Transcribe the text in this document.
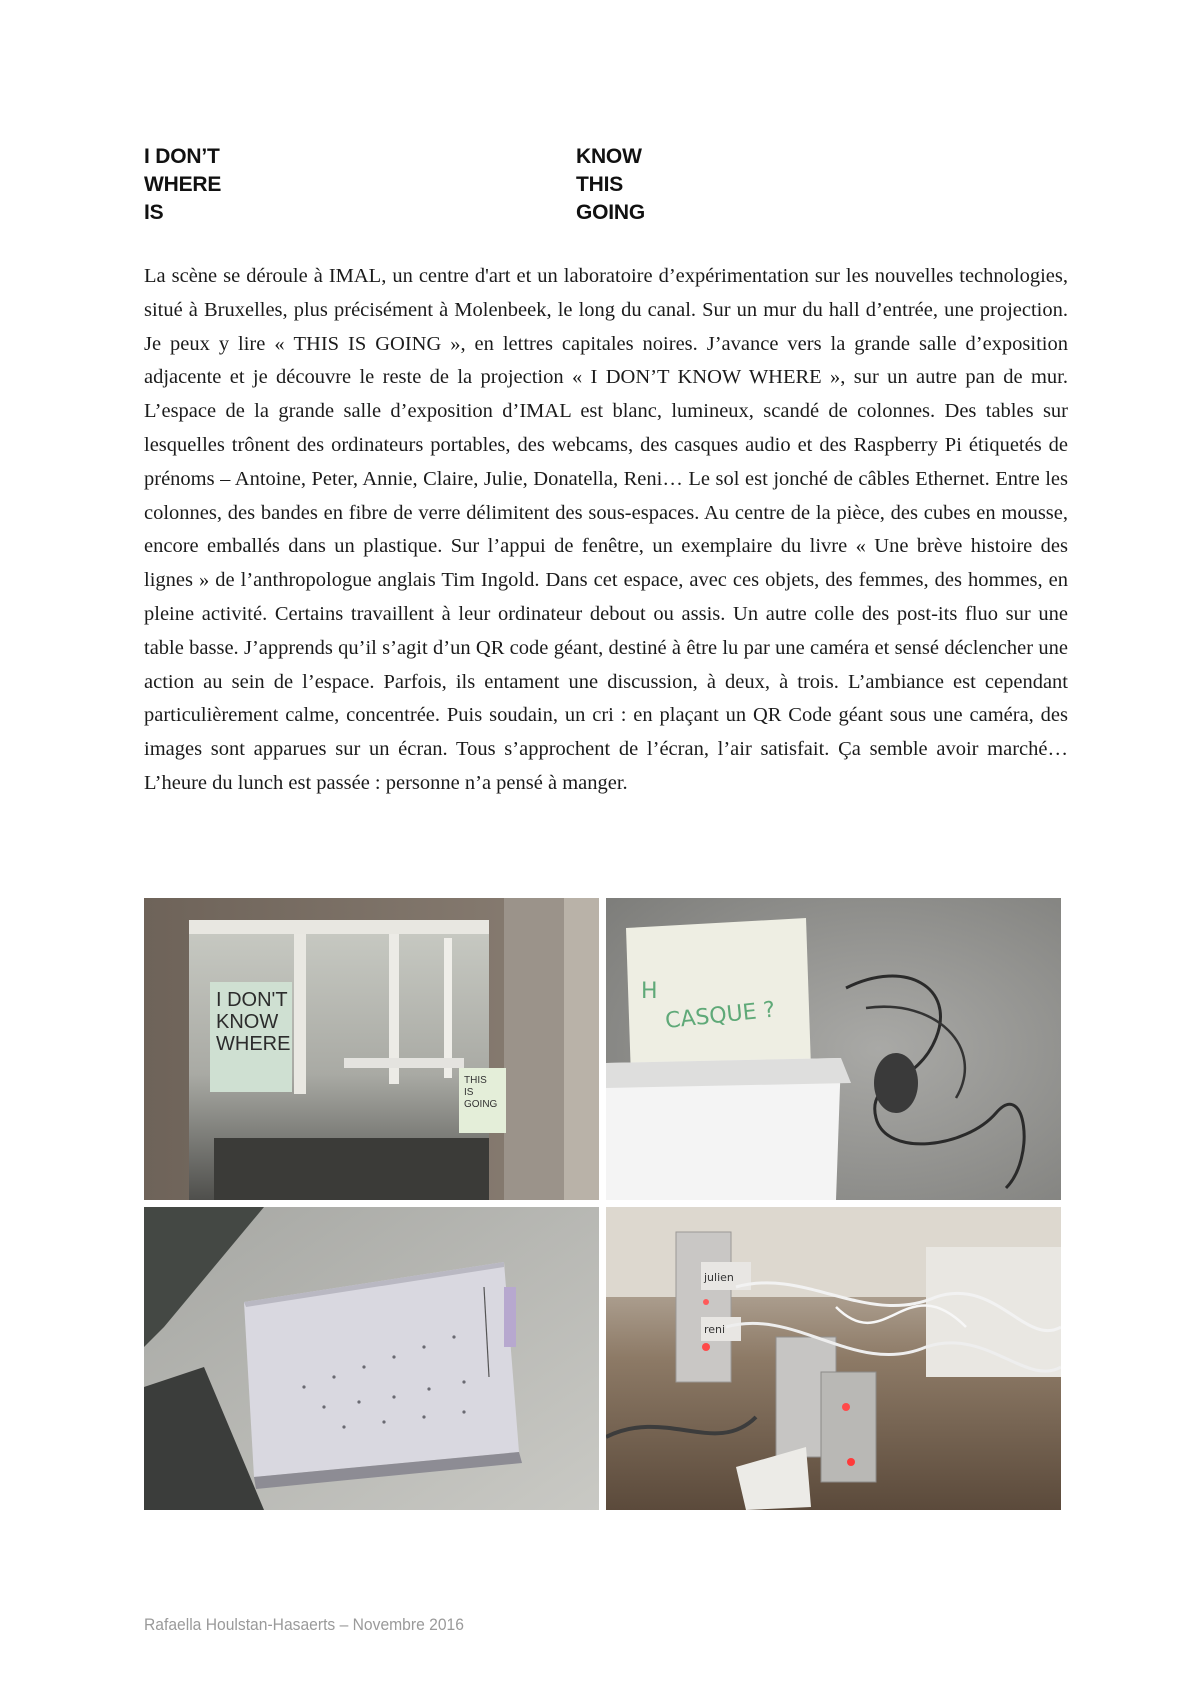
I DON’T
WHERE
IS
KNOW
THIS
GOING

La scène se déroule à IMAL, un centre d'art et un laboratoire d’expérimentation sur les nouvelles technologies, situé à Bruxelles, plus précisément à Molenbeek, le long du canal. Sur un mur du hall d’entrée, une projection. Je peux y lire « THIS IS GOING », en lettres capitales noires. J’avance vers la grande salle d’exposition adjacente et je découvre le reste de la projection « I DON’T KNOW WHERE », sur un autre pan de mur. L’espace de la grande salle d’exposition d’IMAL est blanc, lumineux, scandé de colonnes. Des tables sur lesquelles trônent des ordinateurs portables, des webcams, des casques audio et des Raspberry Pi étiquetés de prénoms – Antoine, Peter, Annie, Claire, Julie, Donatella, Reni… Le sol est jonché de câbles Ethernet. Entre les colonnes, des bandes en fibre de verre délimitent des sous-espaces. Au centre de la pièce, des cubes en mousse, encore emballés dans un plastique. Sur l’appui de fenêtre, un exemplaire du livre « Une brève histoire des lignes » de l’anthropologue anglais Tim Ingold. Dans cet espace, avec ces objets, des femmes, des hommes, en pleine activité. Certains travaillent à leur ordinateur debout ou assis. Un autre colle des post-its fluo sur une table basse. J’apprends qu’il s’agit d’un QR code géant, destiné à être lu par une caméra et sensé déclencher une action au sein de l’espace. Parfois, ils entament une discussion, à deux, à trois. L’ambiance est cependant particulièrement calme, concentrée. Puis soudain, un cri : en plaçant un QR Code géant sous une caméra, des images sont apparues sur un écran. Tous s’approchent de l’écran, l’air satisfait. Ça semble avoir marché… L’heure du lunch est passée : personne n’a pensé à manger.

I DON'T
KNOW
WHERE
THIS
IS
GOING
H
CASQUE ?
julien
reni
Rafaella Houlstan-Hasaerts – Novembre 2016
